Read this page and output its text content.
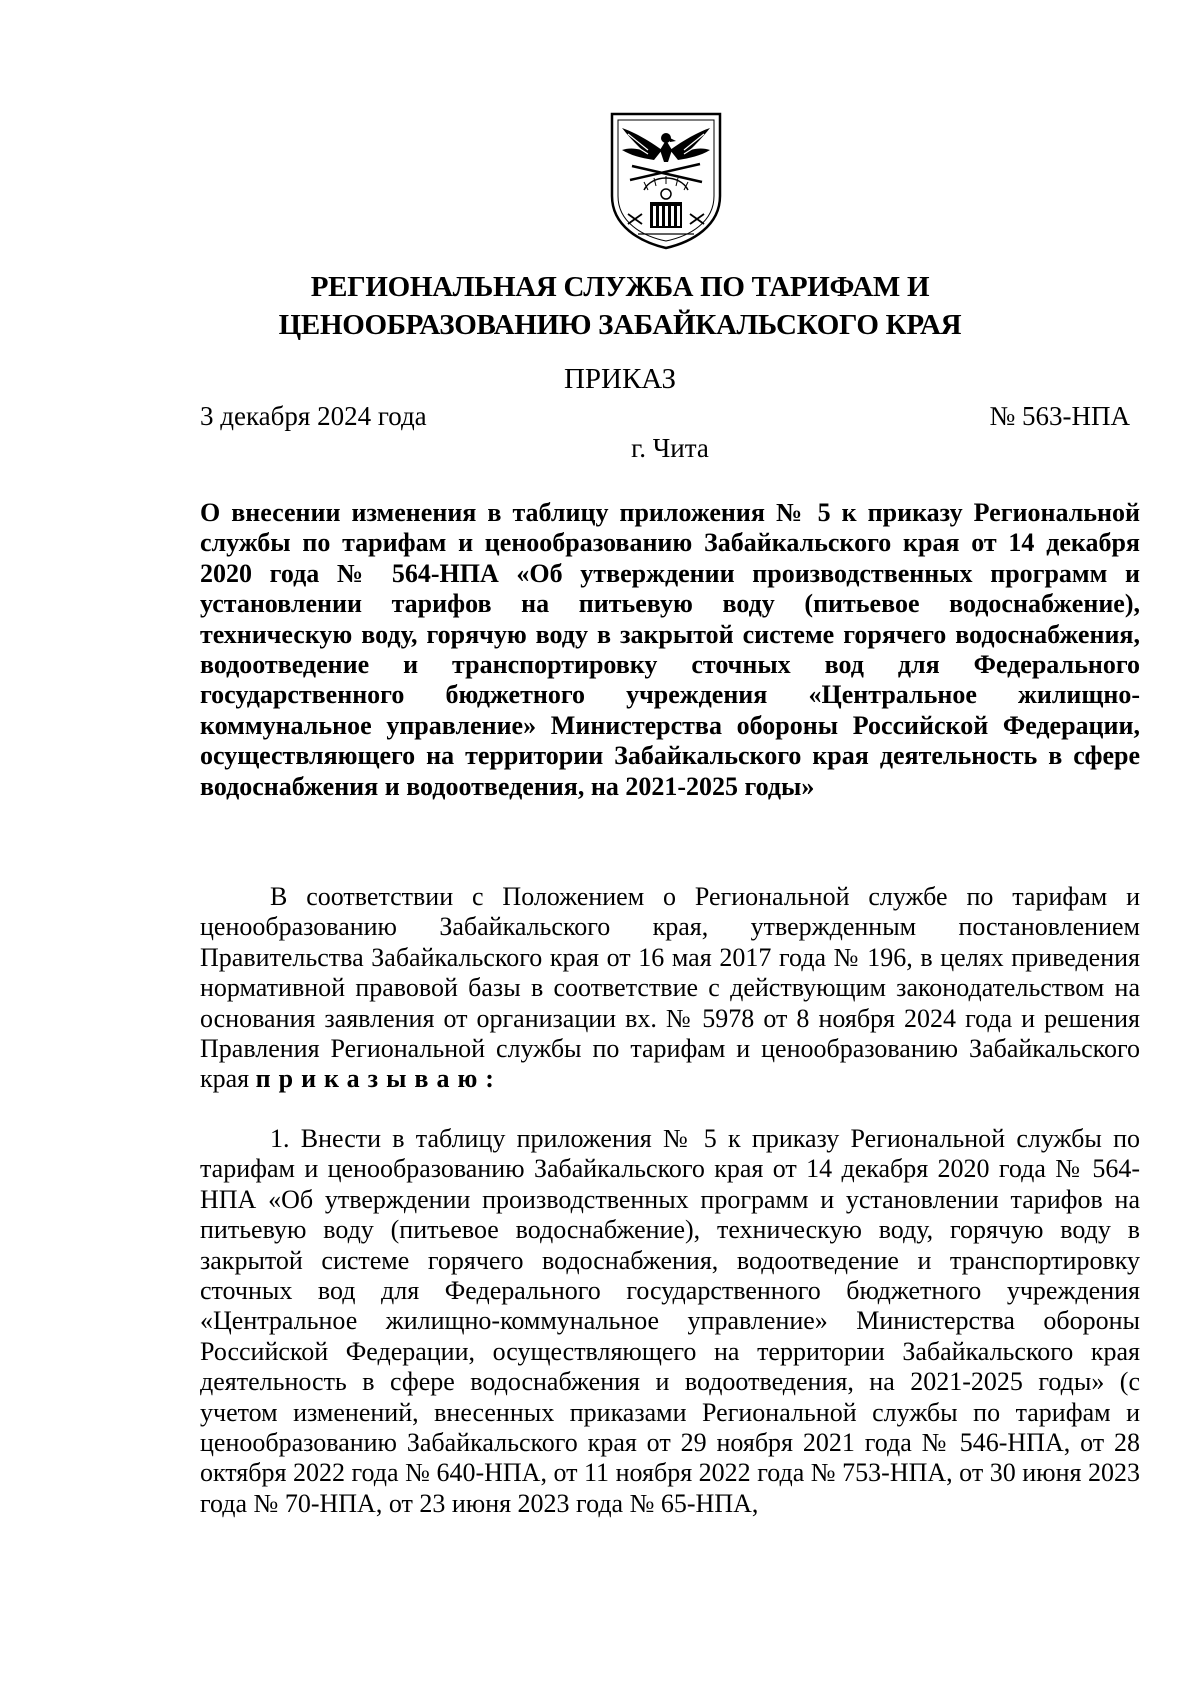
РЕГИОНАЛЬНАЯ СЛУЖБА ПО ТАРИФАМ И
ЦЕНООБРАЗОВАНИЮ ЗАБАЙКАЛЬСКОГО КРАЯ
ПРИКАЗ
3 декабря 2024 года	№ 563-НПА
г. Чита
О внесении изменения в таблицу приложения № 5 к приказу Региональной службы по тарифам и ценообразованию Забайкальского края от 14 декабря 2020 года № 564-НПА «Об утверждении производственных программ и установлении тарифов на питьевую воду (питьевое водоснабжение), техническую воду, горячую воду в закрытой системе горячего водоснабжения, водоотведение и транспортировку сточных вод для Федерального государственного бюджетного учреждения «Центральное жилищно-коммунальное управление» Министерства обороны Российской Федерации, осуществляющего на территории Забайкальского края деятельность в сфере водоснабжения и водоотведения, на 2021-2025 годы»

В соответствии с Положением о Региональной службе по тарифам и ценообразованию Забайкальского края, утвержденным постановлением Правительства Забайкальского края от 16 мая 2017 года № 196, в целях приведения нормативной правовой базы в соответствие с действующим законодательством на основания заявления от организации вх. № 5978 от 8 ноября 2024 года и решения Правления Региональной службы по тарифам и ценообразованию Забайкальского края приказываю:

1. Внести в таблицу приложения № 5 к приказу Региональной службы по тарифам и ценообразованию Забайкальского края от 14 декабря 2020 года № 564-НПА «Об утверждении производственных программ и установлении тарифов на питьевую воду (питьевое водоснабжение), техническую воду, горячую воду в закрытой системе горячего водоснабжения, водоотведение и транспортировку сточных вод для Федерального государственного бюджетного учреждения «Центральное жилищно-коммунальное управление» Министерства обороны Российской Федерации, осуществляющего на территории Забайкальского края деятельность в сфере водоснабжения и водоотведения, на 2021-2025 годы» (с учетом изменений, внесенных приказами Региональной службы по тарифам и ценообразованию Забайкальского края от 29 ноября 2021 года № 546-НПА, от 28 октября 2022 года № 640-НПА, от 11 ноября 2022 года № 753-НПА, от 30 июня 2023 года № 70-НПА, от 23 июня 2023 года № 65-НПА,
